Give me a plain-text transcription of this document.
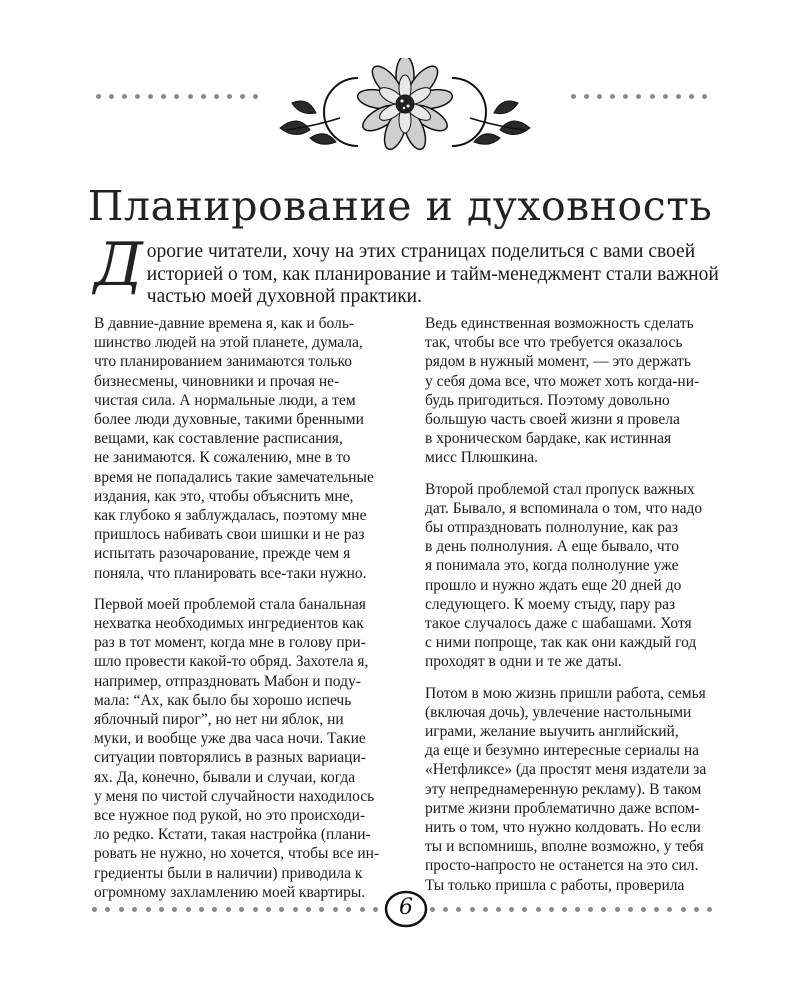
Планирование и духовность
Д орогие читатели, хочу на этих страницах поделиться с вами своей
историей о том, как планирование и тайм-менеджмент стали важной
частью моей духовной практики.
В давние-давние времена я, как и боль-
шинство людей на этой планете, думала,
что планированием занимаются только
бизнесмены, чиновники и прочая не-
чистая сила. А нормальные люди, а тем
более люди духовные, такими бренными
вещами, как составление расписания,
не занимаются. К сожалению, мне в то
время не попадались такие замечательные
издания, как это, чтобы объяснить мне,
как глубоко я заблуждалась, поэтому мне
пришлось набивать свои шишки и не раз
испытать разочарование, прежде чем я
поняла, что планировать все-таки нужно.
Первой моей проблемой стала банальная
нехватка необходимых ингредиентов как
раз в тот момент, когда мне в голову при-
шло провести какой-то обряд. Захотела я,
например, отпраздновать Мабон и поду-
мала: “Ах, как было бы хорошо испечь
яблочный пирог”, но нет ни яблок, ни
муки, и вообще уже два часа ночи. Такие
ситуации повторялись в разных вариаци-
ях. Да, конечно, бывали и случаи, когда
у меня по чистой случайности находилось
все нужное под рукой, но это происходи-
ло редко. Кстати, такая настройка (плани-
ровать не нужно, но хочется, чтобы все ин-
гредиенты были в наличии) приводила к
огромному захламлению моей квартиры.
Ведь единственная возможность сделать
так, чтобы все что требуется оказалось
рядом в нужный момент, — это держать
у себя дома все, что может хоть когда-ни-
будь пригодиться. Поэтому довольно
большую часть своей жизни я провела
в хроническом бардаке, как истинная
мисс Плюшкина.
Второй проблемой стал пропуск важных
дат. Бывало, я вспоминала о том, что надо
бы отпраздновать полнолуние, как раз
в день полнолуния. А еще бывало, что
я понимала это, когда полнолуние уже
прошло и нужно ждать еще 20 дней до
следующего. К моему стыду, пару раз
такое случалось даже с шабашами. Хотя
с ними попроще, так как они каждый год
проходят в одни и те же даты.
Потом в мою жизнь пришли работа, семья
(включая дочь), увлечение настольными
играми, желание выучить английский,
да еще и безумно интересные сериалы на
«Нетфликсе» (да простят меня издатели за
эту непреднамеренную рекламу). В таком
ритме жизни проблематично даже вспом-
нить о том, что нужно колдовать. Но если
ты и вспомнишь, вполне возможно, у тебя
просто-напросто не останется на это сил.
Ты только пришла с работы, проверила
6
